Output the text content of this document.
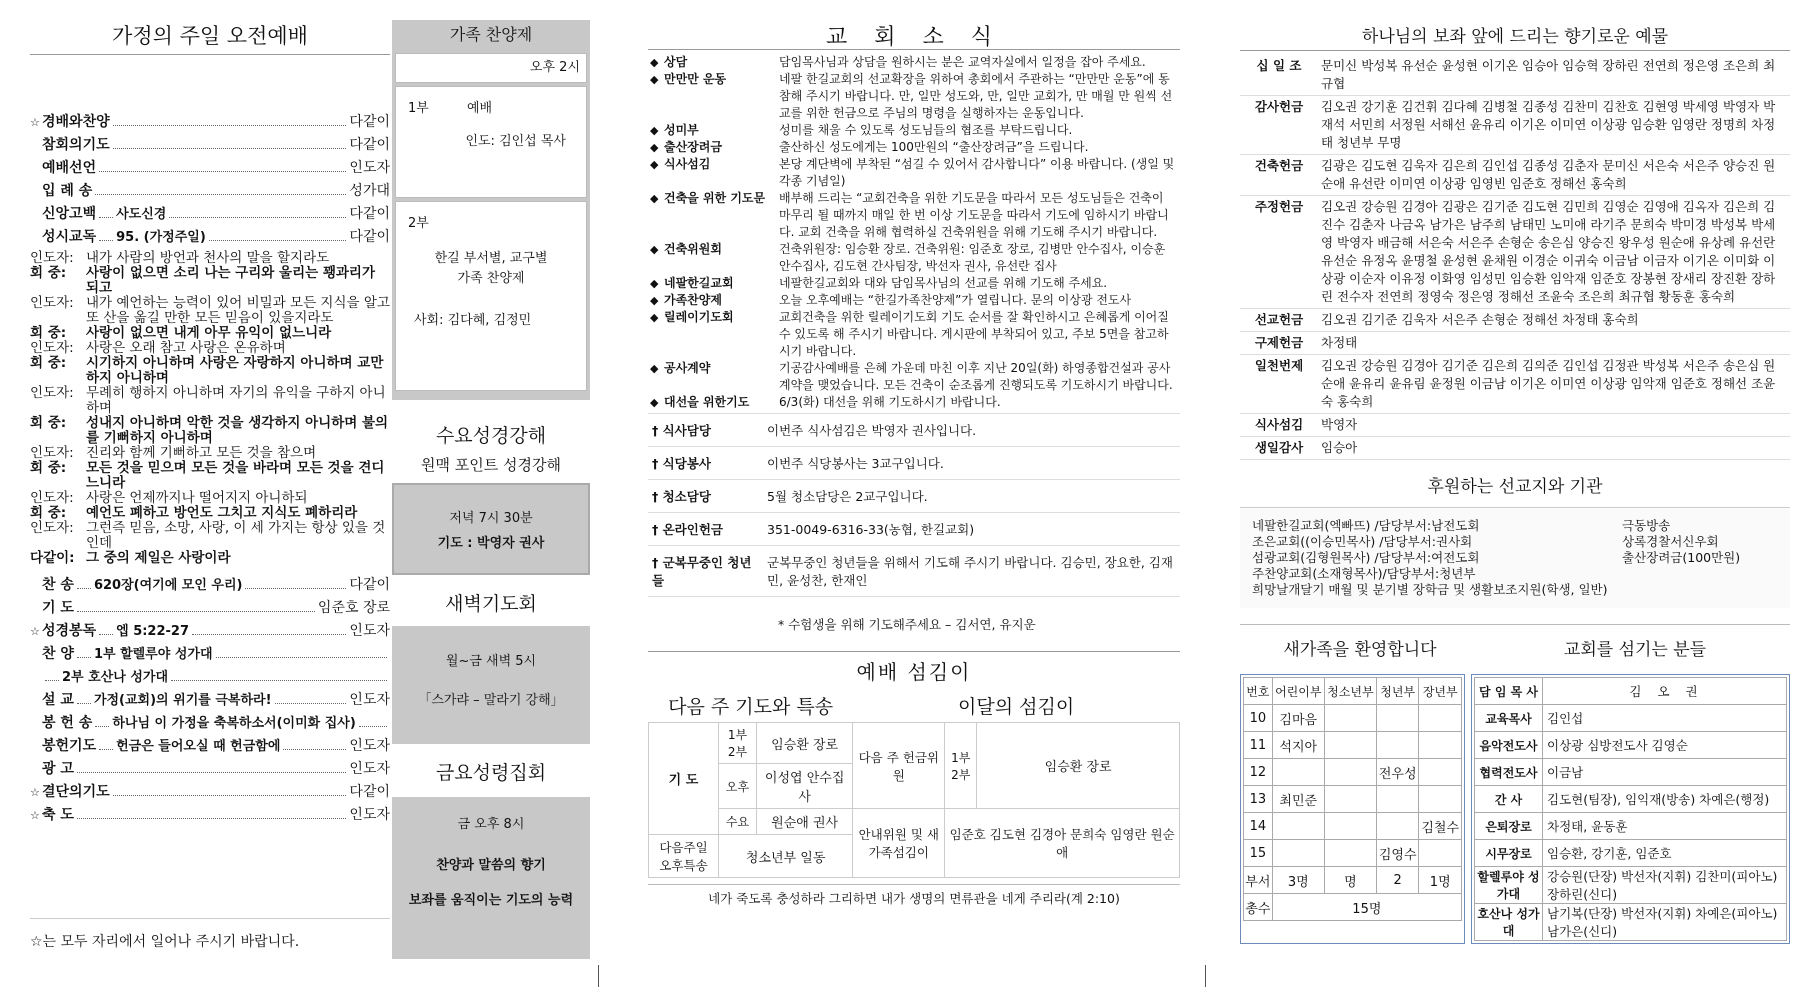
가정의 주일 오전예배
☆ 경배와찬양	다같이
참회의기도	다같이
예배선언	인도자
입 례 송	성가대
신앙고백 사도신경	다같이
성시교독 95. (가정주일)	다같이
인도자: 내가 사람의 방언과 천사의 말을 할지라도
회 중:	사랑이 없으면 소리 나는 구리와 울리는 꽹과리가 되고
인도자: 내가 예언하는 능력이 있어 비밀과 모든 지식을 알고 또 산을 옮길 만한 모든 믿음이 있을지라도
회 중:	사랑이 없으면 내게 아무 유익이 없느니라
인도자: 사랑은 오래 참고 사랑은 온유하며
회 중:	시기하지 아니하며 사랑은 자랑하지 아니하며 교만하지 아니하며
인도자: 무례히 행하지 아니하며 자기의 유익을 구하지 아니하며
회 중:	성내지 아니하며 악한 것을 생각하지 아니하며 불의를 기뻐하지 아니하며
인도자: 진리와 함께 기뻐하고 모든 것을 참으며
회 중:	모든 것을 믿으며 모든 것을 바라며 모든 것을 견디느니라
인도자: 사랑은 언제까지나 떨어지지 아니하되
회 중:	예언도 폐하고 방언도 그치고 지식도 폐하리라
인도자: 그런즉 믿음, 소망, 사랑, 이 세 가지는 항상 있을 것인데
다같이: 그 중의 제일은 사랑이라
찬 송 620장(여기에 모인 우리)	다같이
기 도	임준호 장로
☆ 성경봉독 엡 5:22-27	인도자
찬 양 1부 할렐루야 성가대
2부 호산나 성가대
설 교 가정(교회)의 위기를 극복하라!	인도자
봉 헌 송 하나님 이 가정을 축복하소서(이미화 집사)
봉헌기도 헌금은 들어오실 때 헌금함에	인도자
광 고	인도자
☆ 결단의기도	다같이
☆ 축 도	인도자
☆는 모두 자리에서 일어나 주시기 바랍니다.
가족 찬양제
오후 2시
1부	예배
인도: 김인섭 목사
2부
한길 부서별, 교구별 가족 찬양제
사회: 김다혜, 김정민
수요성경강해
원맥 포인트 성경강해
저녁 7시 30분
기도 : 박영자 권사
새벽기도회
월~금 새벽 5시
「스가랴 – 말라기 강해」
금요성령집회
금 오후 8시
찬양과 말씀의 향기
보좌를 움직이는 기도의 능력
교 회 소 식
◆	상담	담임목사님과 상담을 원하시는 분은 교역자실에서 일정을 잡아 주세요.
◆	만만만 운동	네팔 한길교회의 선교확장을 위하여 총회에서 주관하는 “만만만 운동”에 동참해 주시기 바랍니다. 만, 일만 성도와, 만, 일만 교회가, 만 매월 만 원씩 선교를 위한 헌금으로 주님의 명령을 실행하자는 운동입니다.
◆	성미부	성미를 채울 수 있도록 성도님들의 협조를 부탁드립니다.
◆	출산장려금	출산하신 성도에게는 100만원의 “출산장려금”을 드립니다.
◆	식사섬김	본당 계단벽에 부착된 “섬길 수 있어서 감사합니다” 이용 바랍니다. (생일 및 각종 기념일)
◆	건축을 위한 기도문	배부해 드리는 “교회건축을 위한 기도문을 따라서 모든 성도님들은 건축이 마무리 될 때까지 매일 한 번 이상 기도문을 따라서 기도에 임하시기 바랍니다. 교회 건축을 위해 협력하실 건축위원을 위해 기도해 주시기 바랍니다.
◆	건축위원회	건축위원장: 임승환 장로. 건축위원: 임준호 장로, 김병만 안수집사, 이승훈 안수집사, 김도현 간사팀장, 박선자 권사, 유선란 집사
◆	네팔한길교회	네팔한길교회와 대와 담임목사님의 선교를 위해 기도해 주세요.
◆	가족찬양제	오늘 오후예배는 “한길가족찬양제”가 열립니다. 문의 이상광 전도사
◆	릴레이기도회	교회건축을 위한 릴레이기도회 기도 순서를 잘 확인하시고 은혜롭게 이어질 수 있도록 해 주시기 바랍니다. 게시판에 부착되어 있고, 주보 5면을 참고하시기 바랍니다.
◆	공사계약	기공감사예배를 은혜 가운데 마친 이후 지난 20일(화) 하영종합건설과 공사계약을 맺었습니다. 모든 건축이 순조롭게 진행되도록 기도하시기 바랍니다.
◆	대선을 위한기도	6/3(화) 대선을 위해 기도하시기 바랍니다.
† 식사담당	이번주 식사섬김은 박영자 권사입니다.
† 식당봉사	이번주 식당봉사는 3교구입니다.
† 청소담당	5월 청소담당은 2교구입니다.
† 온라인헌금	351-0049-6316-33(농협, 한길교회)
† 군복무중인 청년들	군복무중인 청년들을 위해서 기도해 주시기 바랍니다. 김승민, 장요한, 김재민, 윤성찬, 한재인
* 수험생을 위해 기도해주세요 – 김서연, 유지운
예배 섬김이
다음 주 기도와 특송			이달의 섬김이		
기 도	1부 2부	임승환 장로	다음 주 헌금위원	1부 2부	임승환 장로
	오후	이성엽 안수집사			
	수요	원순애 권사	안내위원 및 새가족섬김이	임준호 김도현 김경아 문희숙 임영란 원순애	
다음주일 오후특송	청소년부 일동				
네가 죽도록 충성하라 그리하면 내가 생명의 면류관을 네게 주리라(계 2:10)
하나님의 보좌 앞에 드리는 향기로운 예물
십 일 조	문미신 박성복 유선순 윤성현 이기온 임승아 임승혁 장하린 전연희 정은영 조은희 최규협
감사헌금	김오권 강기훈 김건휘 김다혜 김병철 김종성 김찬미 김찬호 김현영 박세영 박영자 박재석 서민희 서정원 서해선 윤유리 이기온 이미연 이상광 임승환 임영란 정명희 차정태 청년부 무명
건축헌금	김광은 김도현 김욱자 김은희 김인섭 김종성 김춘자 문미신 서은숙 서은주 양승진 원순애 유선란 이미연 이상광 임영빈 임준호 정해선 홍숙희
주정헌금	김오권 강승원 김경아 김광은 김기준 김도현 김민희 김영순 김영애 김옥자 김은희 김진수 김춘자 나금옥 남가은 남주희 남태민 노미애 라기주 문희숙 박미경 박성복 박세영 박영자 배금해 서은숙 서은주 손형순 송은심 양승진 왕우성 원순애 유상례 유선란 유선순 유정옥 윤명철 윤성현 윤채원 이경순 이귀숙 이금남 이금자 이기온 이미화 이상광 이순자 이유정 이화영 임성민 임승환 임악재 임준호 장봉현 장새리 장진환 장하린 전수자 전연희 정영숙 정은영 정해선 조윤숙 조은희 최규협 황동훈 홍숙희
선교헌금	김오권 김기준 김욱자 서은주 손형순 정해선 차정태 홍숙희
구제헌금	차정태
일천번제	김오권 강승원 김경아 김기준 김은희 김의준 김인섭 김정관 박성복 서은주 송은심 원순애 윤유리 윤유림 윤정원 이금남 이기온 이미연 이상광 임악재 임준호 정해선 조윤숙 홍숙희
식사섬김	박영자
생일감사	임승아
후원하는 선교지와 기관
네팔한길교회(엑빠뜨) /담당부서:남전도회	극동방송
조은교회((이승민목사) /담당부서:권사회	상록경찰서신우회
섬광교회(김형원목사) /담당부서:여전도회	출산장려금(100만원)
주찬양교회(소재형목사)/담당부서:청년부
희망날개달기 매월 및 분기별 장학금 및 생활보조지원(학생, 일반)
새가족을 환영합니다	교회를 섬기는 분들
번호	어린이부	청소년부	청년부	장년부
10	김마음			
11	석지아			
12			전우성	
13	최민준			
14				김철수
15			김영수	
부서	3명	명	2	1명
총수	15명			
담 임 목 사	김 오 권
교육목사	김인섭
음악전도사	이상광 심방전도사 김영순
협력전도사	이금남
간 사	김도현(팀장), 임익재(방송) 차예은(행정)
은퇴장로	차정태, 윤동훈
시무장로	임승환, 강기훈, 임준호
할렐루야 성가대	강승원(단장) 박선자(지휘) 김찬미(피아노) 장하린(신디)
호산나 성가대	남기복(단장) 박선자(지휘) 차예은(피아노) 남가은(신디)
